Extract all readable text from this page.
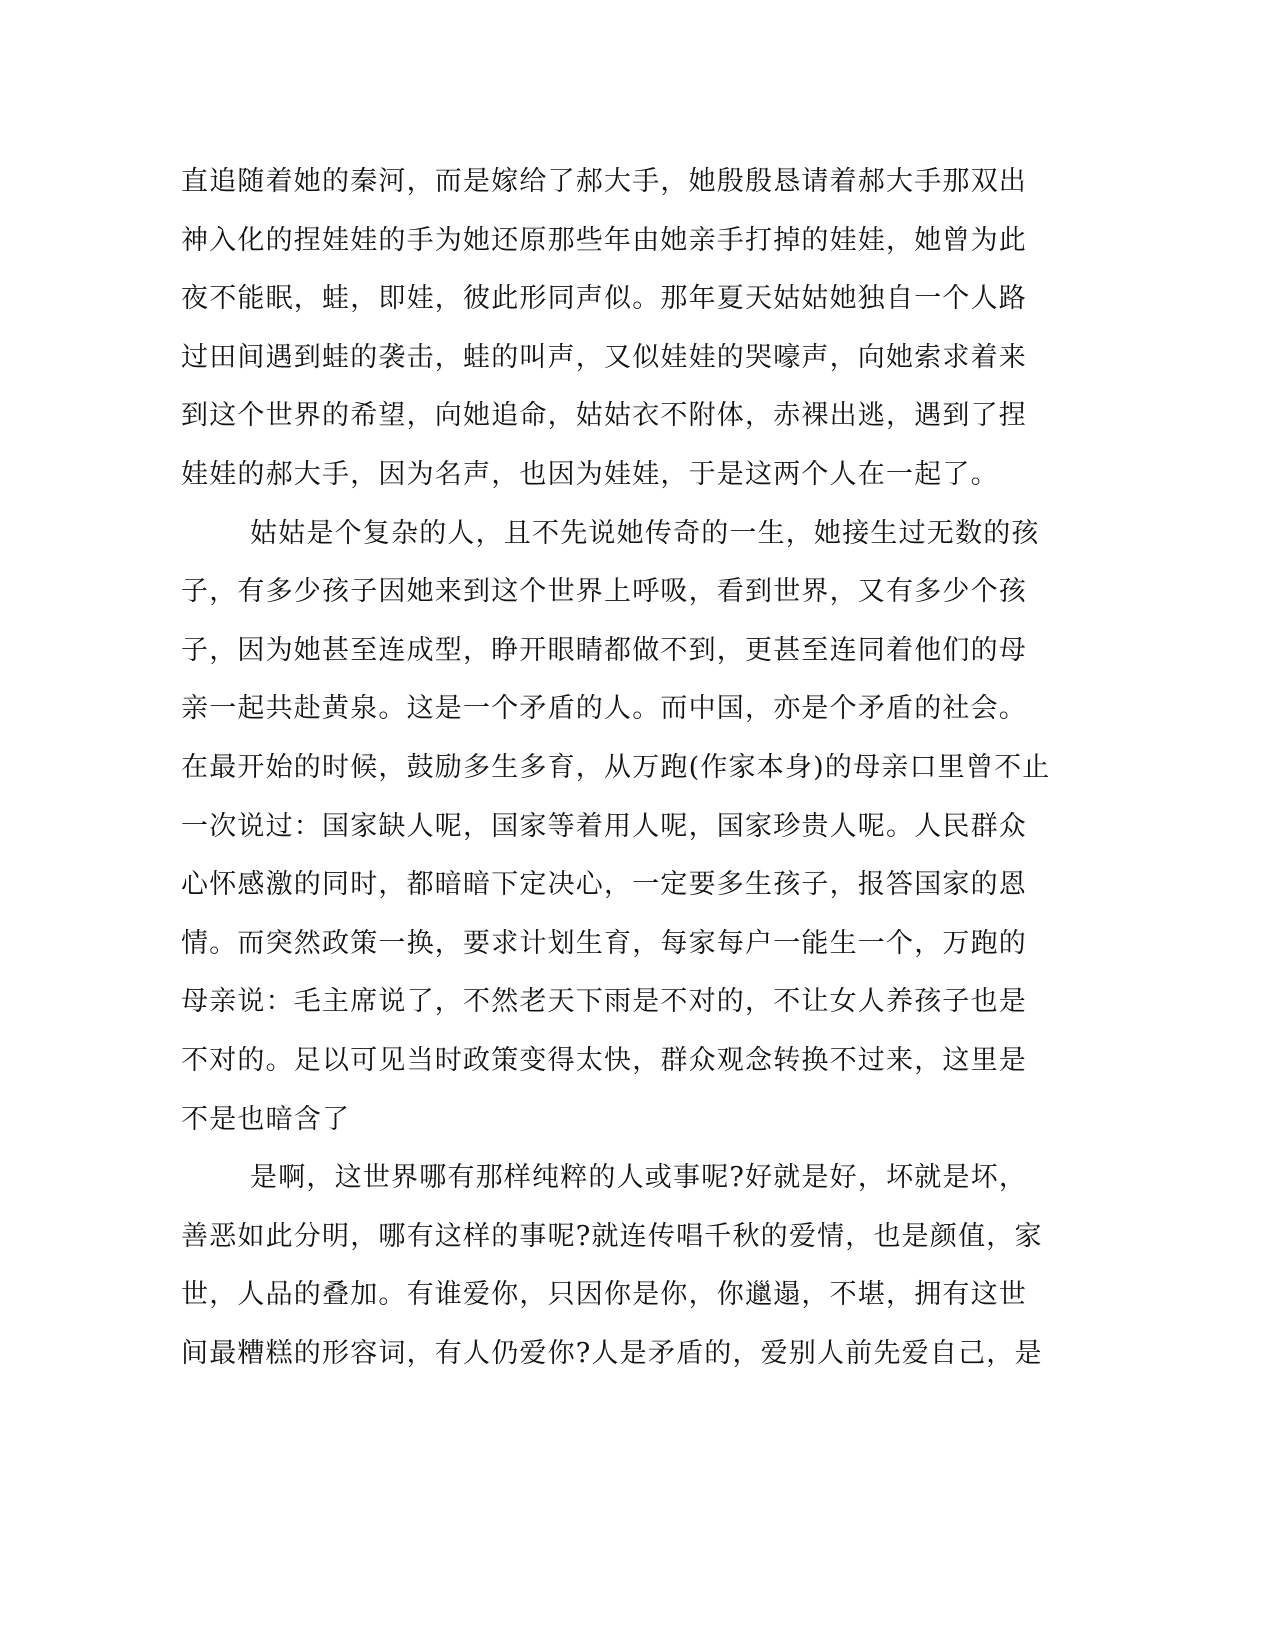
直追随着她的秦河，而是嫁给了郝大手，她殷殷恳请着郝大手那双出
神入化的捏娃娃的手为她还原那些年由她亲手打掉的娃娃，她曾为此
夜不能眠，蛙，即娃，彼此形同声似。那年夏天姑姑她独自一个人路
过田间遇到蛙的袭击，蛙的叫声，又似娃娃的哭嚎声，向她索求着来
到这个世界的希望，向她追命，姑姑衣不附体，赤裸出逃，遇到了捏
娃娃的郝大手，因为名声，也因为娃娃，于是这两个人在一起了。
姑姑是个复杂的人，且不先说她传奇的一生，她接生过无数的孩
子，有多少孩子因她来到这个世界上呼吸，看到世界，又有多少个孩
子，因为她甚至连成型，睁开眼睛都做不到，更甚至连同着他们的母
亲一起共赴黄泉。这是一个矛盾的人。而中国，亦是个矛盾的社会。
在最开始的时候，鼓励多生多育，从万跑(作家本身)的母亲口里曾不止
一次说过：国家缺人呢，国家等着用人呢，国家珍贵人呢。人民群众
心怀感激的同时，都暗暗下定决心，一定要多生孩子，报答国家的恩
情。而突然政策一换，要求计划生育，每家每户一能生一个，万跑的
母亲说：毛主席说了，不然老天下雨是不对的，不让女人养孩子也是
不对的。足以可见当时政策变得太快，群众观念转换不过来，这里是
不是也暗含了
是啊，这世界哪有那样纯粹的人或事呢?好就是好，坏就是坏，
善恶如此分明，哪有这样的事呢?就连传唱千秋的爱情，也是颜值，家
世，人品的叠加。有谁爱你，只因你是你，你邋遢，不堪，拥有这世
间最糟糕的形容词，有人仍爱你?人是矛盾的，爱别人前先爱自己，是
